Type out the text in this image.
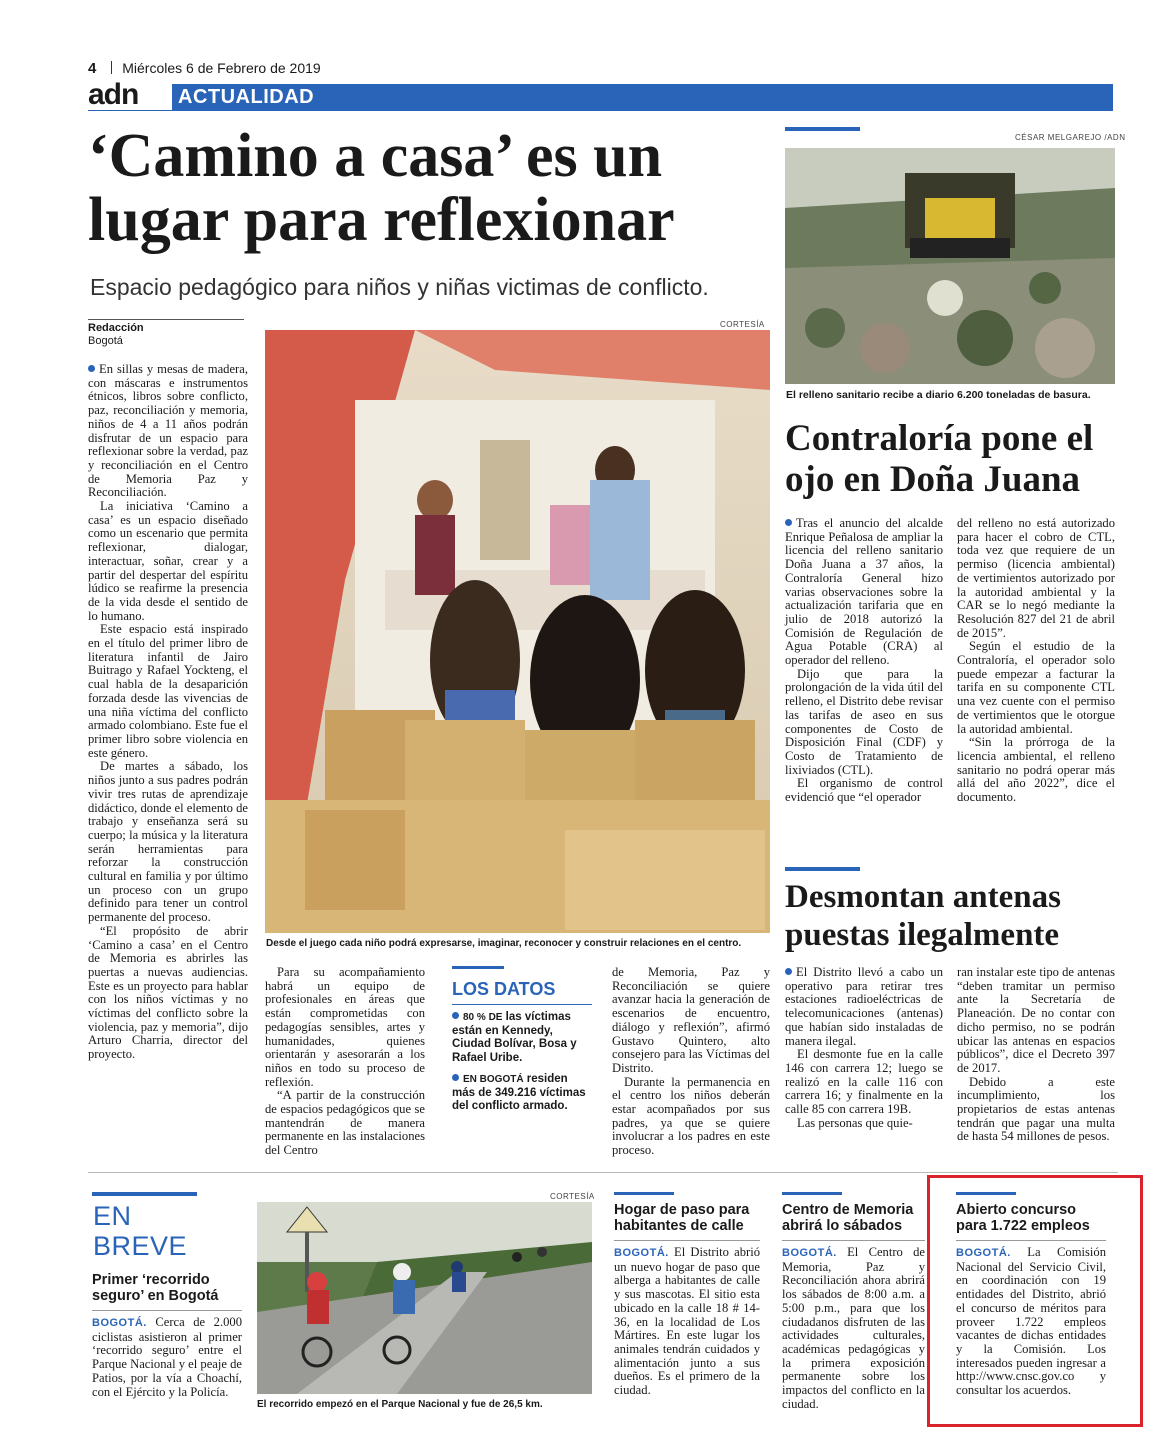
4 Miércoles 6 de Febrero de 2019
adn ACTUALIDAD
‘Camino a casa’ es un
lugar para reflexionar
Espacio pedagógico para niños y niñas victimas de conflicto.
Redacción
Bogotá
CORTESÍA
Desde el juego cada niño podrá expresarse, imaginar, reconocer y construir relaciones en el centro.

En sillas y mesas de madera, con máscaras e instrumentos étnicos, libros sobre conflicto, paz, reconciliación y memoria, niños de 4 a 11 años podrán disfrutar de un espacio para reflexionar sobre la verdad, paz y reconciliación en el Centro de Memoria Paz y Reconciliación.

La iniciativa ‘Camino a casa’ es un espacio diseñado como un escenario que permita reflexionar, dialogar, interactuar, soñar, crear y a partir del despertar del espíritu lúdico se reafirme la presencia de la vida desde el sentido de lo humano.

Este espacio está inspirado en el título del primer libro de literatura infantil de Jairo Buitrago y Rafael Yockteng, el cual habla de la desaparición forzada desde las vivencias de una niña víctima del conflicto armado colombiano. Este fue el primer libro sobre violencia en este género.

De martes a sábado, los niños junto a sus padres podrán vivir tres rutas de aprendizaje didáctico, donde el elemento de trabajo y enseñanza será su cuerpo; la música y la literatura serán herramientas para reforzar la construcción cultural en familia y por último un proceso con un grupo definido para tener un control permanente del proceso.

“El propósito de abrir ‘Camino a casa’ en el Centro de Memoria es abrirles las puertas a nuevas audiencias. Este es un proyecto para hablar con los niños víctimas y no víctimas del conflicto sobre la violencia, paz y memoria”, dijo Arturo Charria, director del proyecto.

Para su acompañamiento habrá un equipo de profesionales en áreas que están comprometidas con pedagogías sensibles, artes y humanidades, quienes orientarán y asesorarán a los niños en todo su proceso de reflexión.

“A partir de la construcción de espacios pedagógicos que se mantendrán de manera permanente en las instalaciones del Centro

LOS DATOS
80 % DE las víctimas están en Kennedy, Ciudad Bolívar, Bosa y Rafael Uribe.
EN BOGOTÁ residen más de 349.216 víctimas del conflicto armado.

de Memoria, Paz y Reconciliación se quiere avanzar hacia la generación de escenarios de encuentro, diálogo y reflexión”, afirmó Gustavo Quintero, alto consejero para las Víctimas del Distrito.

Durante la permanencia en el centro los niños deberán estar acompañados por sus padres, ya que se quiere involucrar a los padres en este proceso.

CÉSAR MELGAREJO /ADN
El relleno sanitario recibe a diario 6.200 toneladas de basura.
Contraloría pone el
ojo en Doña Juana

Tras el anuncio del alcalde Enrique Peñalosa de ampliar la licencia del relleno sanitario Doña Juana a 37 años, la Contraloría General hizo varias observaciones sobre la actualización tarifaria que en julio de 2018 autorizó la Comisión de Regulación de Agua Potable (CRA) al operador del relleno.

Dijo que para la prolongación de la vida útil del relleno, el Distrito debe revisar las tarifas de aseo en sus componentes de Costo de Disposición Final (CDF) y Costo de Tratamiento de lixiviados (CTL).

El organismo de control evidenció que “el operador

del relleno no está autorizado para hacer el cobro de CTL, toda vez que requiere de un permiso (licencia ambiental) de vertimientos autorizado por la autoridad ambiental y la CAR se lo negó mediante la Resolución 827 del 21 de abril de 2015”.

Según el estudio de la Contraloría, el operador solo puede empezar a facturar la tarifa en su componente CTL una vez cuente con el permiso de vertimientos que le otorgue la autoridad ambiental.

“Sin la prórroga de la licencia ambiental, el relleno sanitario no podrá operar más allá del año 2022”, dice el documento.

Desmontan antenas
puestas ilegalmente

El Distrito llevó a cabo un operativo para retirar tres estaciones radioeléctricas de telecomunicaciones (antenas) que habían sido instaladas de manera ilegal.

El desmonte fue en la calle 146 con carrera 12; luego se realizó en la calle 116 con carrera 16; y finalmente en la calle 85 con carrera 19B.

Las personas que quie-

ran instalar este tipo de antenas “deben tramitar un permiso ante la Secretaría de Planeación. De no contar con dicho permiso, no se podrán ubicar las antenas en espacios públicos”, dice el Decreto 397 de 2017.

Debido a este incumplimiento, los propietarios de estas antenas tendrán que pagar una multa de hasta 54 millones de pesos.

EN
BREVE
Primer ‘recorrido seguro’ en Bogotá
BOGOTÁ. Cerca de 2.000 ciclistas asistieron al primer ‘recorrido seguro’ entre el Parque Nacional y el peaje de Patios, por la vía a Choachí, con el Ejército y la Policía.
CORTESÍA
El recorrido empezó en el Parque Nacional y fue de 26,5 km.
Hogar de paso para habitantes de calle
BOGOTÁ. El Distrito abrió un nuevo hogar de paso que alberga a habitantes de calle y sus mascotas. El sitio esta ubicado en la calle 18 # 14-36, en la localidad de Los Mártires. En este lugar los animales tendrán cuidados y alimentación junto a sus dueños. Es el primero de la ciudad.
Centro de Memoria abrirá lo sábados
BOGOTÁ. El Centro de Memoria, Paz y Reconciliación ahora abrirá los sábados de 8:00 a.m. a 5:00 p.m., para que los ciudadanos disfruten de las actividades culturales, académicas pedagógicas y la primera exposición permanente sobre los impactos del conflicto en la ciudad.
Abierto concurso para 1.722 empleos
BOGOTÁ. La Comisión Nacional del Servicio Civil, en coordinación con 19 entidades del Distrito, abrió el concurso de méritos para proveer 1.722 empleos vacantes de dichas entidades y la Comisión. Los interesados pueden ingresar a http://www.cnsc.gov.co y consultar los acuerdos.
